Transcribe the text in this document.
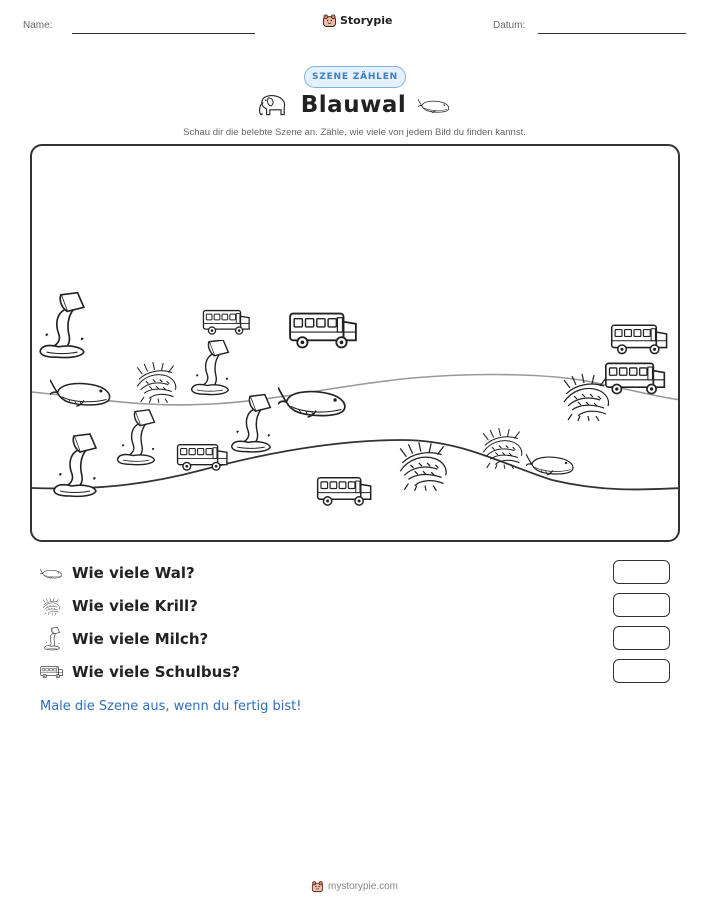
Name:	Storypie	Datum:
SZENE ZÄHLEN
Blauwal
Schau dir die belebte Szene an. Zähle, wie viele von jedem Bild du finden kannst.
Wie viele Wal?
Wie viele Krill?
Wie viele Milch?
Wie viele Schulbus?
Male die Szene aus, wenn du fertig bist!
mystorypie.com
